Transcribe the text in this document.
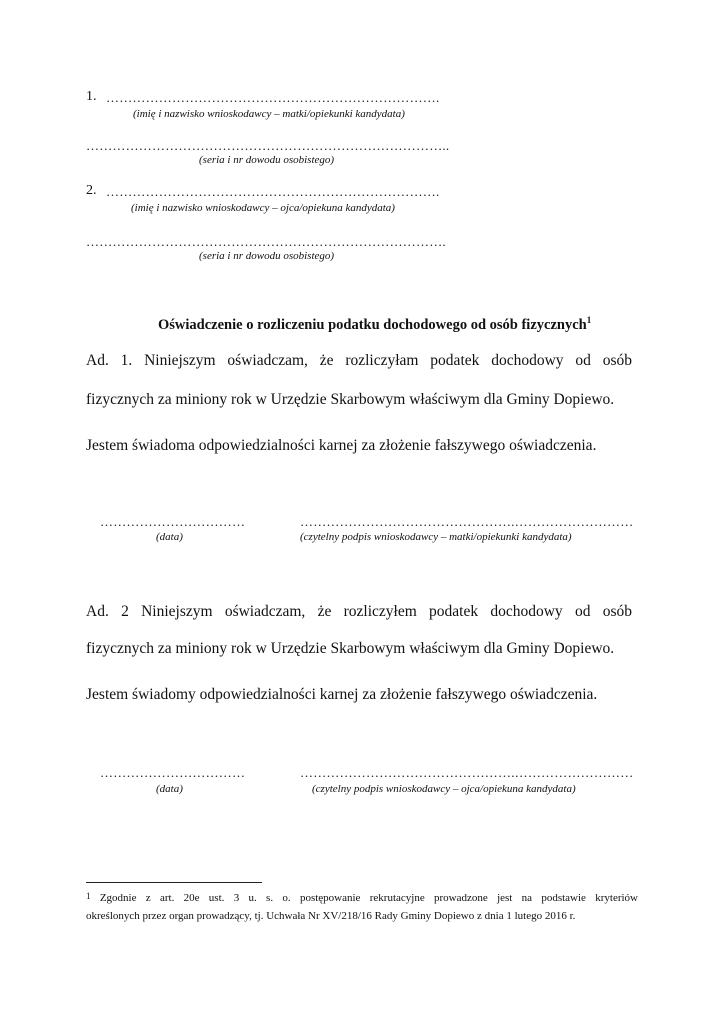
1. ………………………………………………………………….
(imię i nazwisko wnioskodawcy – matki/opiekunki kandydata)
………………………………………………………………………..
(seria i nr dowodu osobistego)
2. ………………………………………………………………….
(imię i nazwisko wnioskodawcy – ojca/opiekuna kandydata)
……………………………………………………………………….
(seria i nr dowodu osobistego)
Oświadczenie o rozliczeniu podatku dochodowego od osób fizycznych$^1$
Ad. 1. Niniejszym oświadczam, że rozliczyłam podatek dochodowy od osób
fizycznych za miniony rok w Urzędzie Skarbowym właściwym dla Gminy Dopiewo.
Jestem świadoma odpowiedzialności karnej za złożenie fałszywego oświadczenia.
……………………………
(data)
………………………………………….………………………
(czytelny podpis wnioskodawcy – matki/opiekunki kandydata)
Ad. 2 Niniejszym oświadczam, że rozliczyłem podatek dochodowy od osób
fizycznych za miniony rok w Urzędzie Skarbowym właściwym dla Gminy Dopiewo.
Jestem świadomy odpowiedzialności karnej za złożenie fałszywego oświadczenia.
……………………………
(data)
………………………………………….………………………
(czytelny podpis wnioskodawcy – ojca/opiekuna kandydata)
$^1$ Zgodnie z art. 20e ust. 3 u. s. o. postępowanie rekrutacyjne prowadzone jest na podstawie kryteriów
określonych przez organ prowadzący, tj. Uchwała Nr XV/218/16 Rady Gminy Dopiewo z dnia 1 lutego 2016 r.
